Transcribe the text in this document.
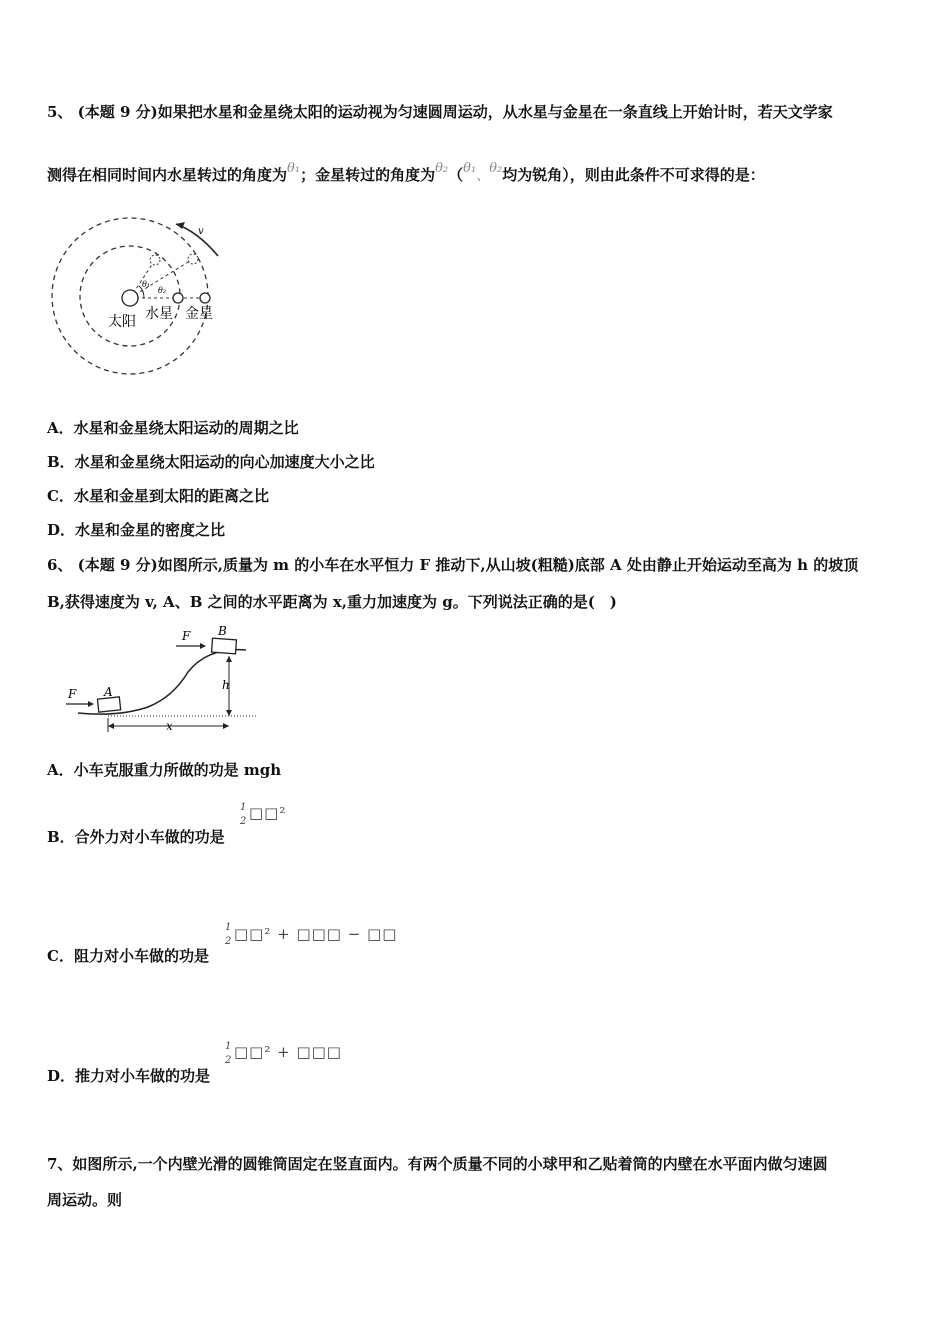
5、 (本题 9 分)如果把水星和金星绕太阳的运动视为匀速圆周运动，从水星与金星在一条直线上开始计时，若天文学家
测得在相同时间内水星转过的角度为θ₁；金星转过的角度为θ₂（θ₁、θ₂均为锐角），则由此条件不可求得的是：
v
θ₁
θ₂
太阳 水星 金星
A．水星和金星绕太阳运动的周期之比
B．水星和金星绕太阳运动的向心加速度大小之比
C．水星和金星到太阳的距离之比
D．水星和金星的密度之比
6、 (本题 9 分)如图所示,质量为 m 的小车在水平恒力 F 推动下,从山坡(粗糙)底部 A 处由静止开始运动至高为 h 的坡顶
B,获得速度为 v, A、B 之间的水平距离为 x,重力加速度为 g。下列说法正确的是(　)
F
F
A
B
h
x
A．小车克服重力所做的功是 mgh
B．合外力对小车做的功是
1
2 □□²
C．阻力对小车做的功是
1
2 □□² + □□□ − □□
D．推力对小车做的功是
1
2 □□² + □□□
7、如图所示,一个内壁光滑的圆锥筒固定在竖直面内。有两个质量不同的小球甲和乙贴着筒的内壁在水平面内做匀速圆
周运动。则
